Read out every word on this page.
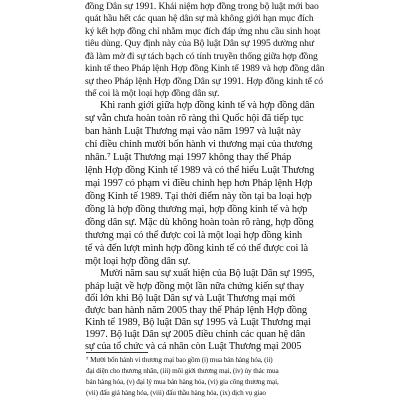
đồng Dân sự 1991. Khái niệm hợp đồng trong bộ luật mới bao
quát hầu hết các quan hệ dân sự mà không giới hạn mục đích
ký kết hợp đồng chỉ nhằm mục đích đáp ứng nhu cầu sinh hoạt
tiêu dùng. Quy định này của Bộ luật Dân sự 1995 dường như
đã làm mờ đi sự tách bạch có tính truyền thống giữa hợp đồng
kinh tế theo Pháp lệnh Hợp đồng Kinh tế 1989 và hợp đồng dân
sự theo Pháp lệnh Hợp đồng Dân sự 1991. Hợp đồng kinh tế có
thể coi là một loại hợp đồng dân sự.
Khi ranh giới giữa hợp đồng kinh tế và hợp đồng dân
sự vẫn chưa hoàn toàn rõ ràng thì Quốc hội đã tiếp tục
ban hành Luật Thương mại vào năm 1997 và luật này
chỉ điều chỉnh mười bốn hành vi thương mại của thương
nhân.⁷ Luật Thương mại 1997 không thay thế Pháp
lệnh Hợp đồng Kinh tế 1989 và có thể hiểu Luật Thương
mại 1997 có phạm vi điều chỉnh hẹp hơn Pháp lệnh Hợp
đồng Kinh tế 1989. Tại thời điểm này tồn tại ba loại hợp
đồng là hợp đồng thương mại, hợp đồng kinh tế và hợp
đồng dân sự. Mặc dù không hoàn toàn rõ ràng, hợp đồng
thương mại có thể được coi là một loại hợp đồng kinh
tế và đến lượt mình hợp đồng kinh tế có thể được coi là
một loại hợp đồng dân sự.
Mười năm sau sự xuất hiện của Bộ luật Dân sự 1995,
pháp luật về hợp đồng một lần nữa chứng kiến sự thay
đổi lớn khi Bộ luật Dân sự và Luật Thương mại mới
được ban hành năm 2005 thay thế Pháp lệnh Hợp đồng
Kinh tế 1989, Bộ luật Dân sự 1995 và Luật Thương mại
1997. Bộ luật Dân sự 2005 điều chỉnh các quan hệ dân
sự của tổ chức và cá nhân còn Luật Thương mại 2005
⁷ Mười bốn hành vi thương mại bao gồm (i) mua bán hàng hóa, (ii)
đại diện cho thương nhân, (iii) môi giới thương mại, (iv) ủy thác mua
bán hàng hóa, (v) đại lý mua bán hàng hóa, (vi) gia công thương mại,
(vii) đấu giá hàng hóa, (viii) đấu thầu hàng hóa, (ix) dịch vụ giao
